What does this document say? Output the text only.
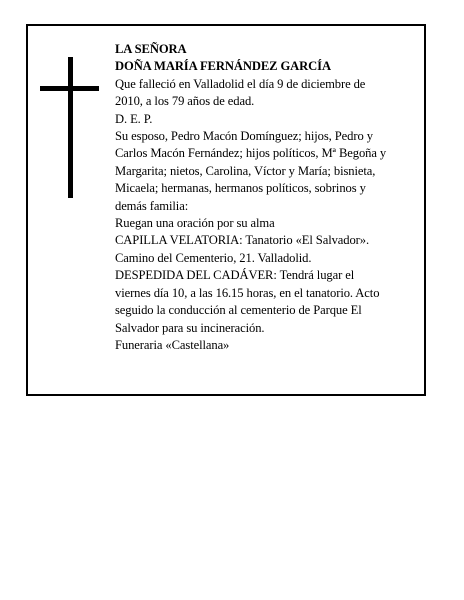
LA SEÑORA
DOÑA MARÍA FERNÁNDEZ GARCÍA
Que falleció en Valladolid el día 9 de diciembre de
2010, a los 79 años de edad.
D. E. P.
Su esposo, Pedro Macón Domínguez; hijos, Pedro y
Carlos Macón Fernández; hijos políticos, Mª Begoña y
Margarita; nietos, Carolina, Víctor y María; bisnieta,
Micaela; hermanas, hermanos políticos, sobrinos y
demás familia:
Ruegan una oración por su alma
CAPILLA VELATORIA: Tanatorio «El Salvador».
Camino del Cementerio, 21. Valladolid.
DESPEDIDA DEL CADÁVER: Tendrá lugar el
viernes día 10, a las 16.15 horas, en el tanatorio. Acto
seguido la conducción al cementerio de Parque El
Salvador para su incineración.
Funeraria «Castellana»
